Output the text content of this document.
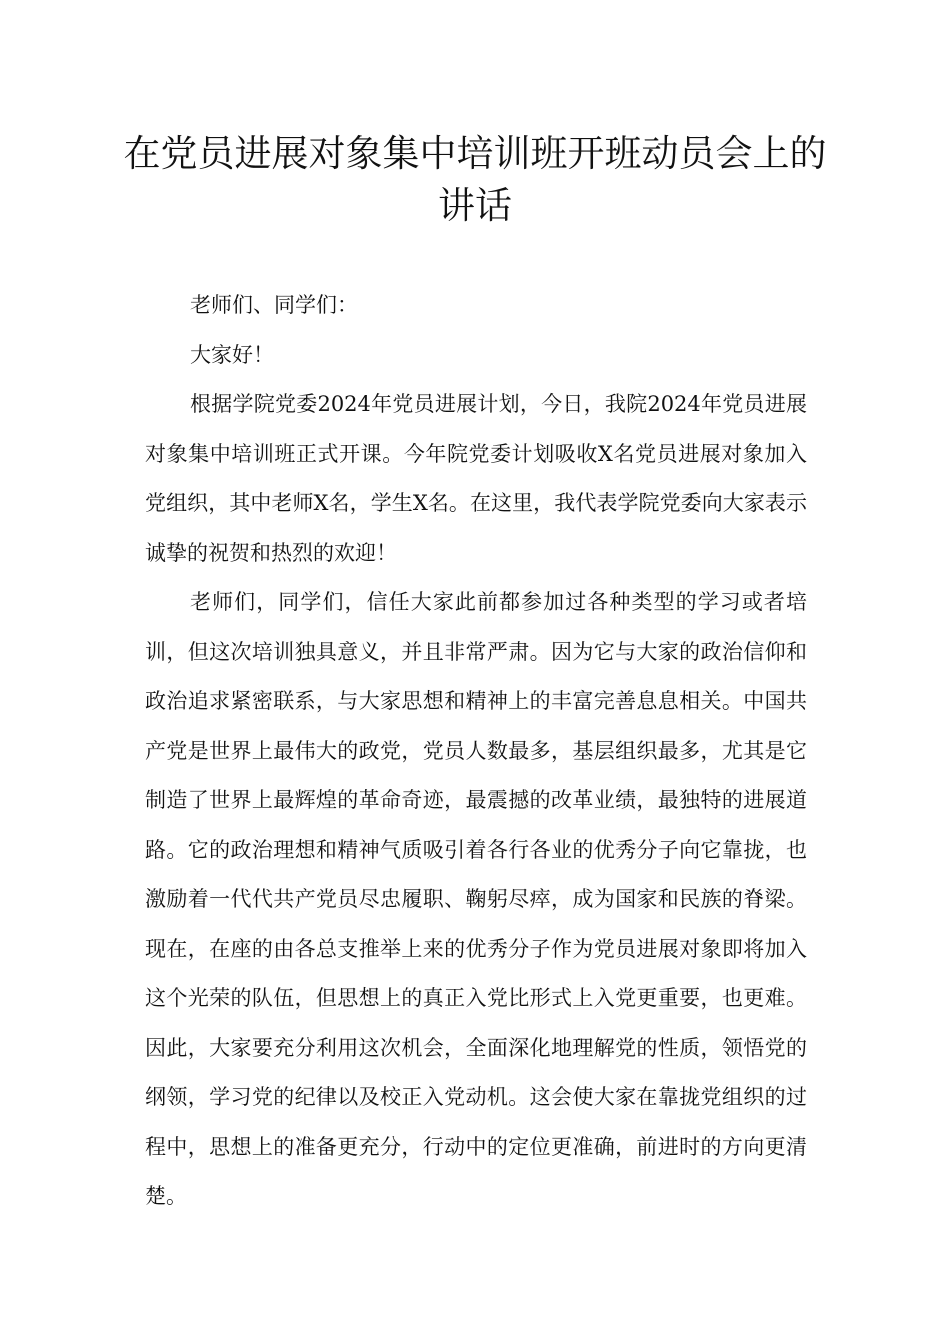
在党员进展对象集中培训班开班动员会上的讲话

老师们、同学们：

大家好！

根据学院党委2024年党员进展计划，今日，我院2024年党员进展对象集中培训班正式开课。今年院党委计划吸收X名党员进展对象加入党组织，其中老师X名，学生X名。在这里，我代表学院党委向大家表示诚挚的祝贺和热烈的欢迎！

老师们，同学们，信任大家此前都参加过各种类型的学习或者培训，但这次培训独具意义，并且非常严肃。因为它与大家的政治信仰和政治追求紧密联系，与大家思想和精神上的丰富完善息息相关。中国共产党是世界上最伟大的政党，党员人数最多，基层组织最多，尤其是它制造了世界上最辉煌的革命奇迹，最震撼的改革业绩，最独特的进展道路。它的政治理想和精神气质吸引着各行各业的优秀分子向它靠拢，也激励着一代代共产党员尽忠履职、鞠躬尽瘁，成为国家和民族的脊梁。现在，在座的由各总支推举上来的优秀分子作为党员进展对象即将加入这个光荣的队伍，但思想上的真正入党比形式上入党更重要，也更难。因此，大家要充分利用这次机会，全面深化地理解党的性质，领悟党的纲领，学习党的纪律以及校正入党动机。这会使大家在靠拢党组织的过程中，思想上的准备更充分，行动中的定位更准确，前进时的方向更清楚。
